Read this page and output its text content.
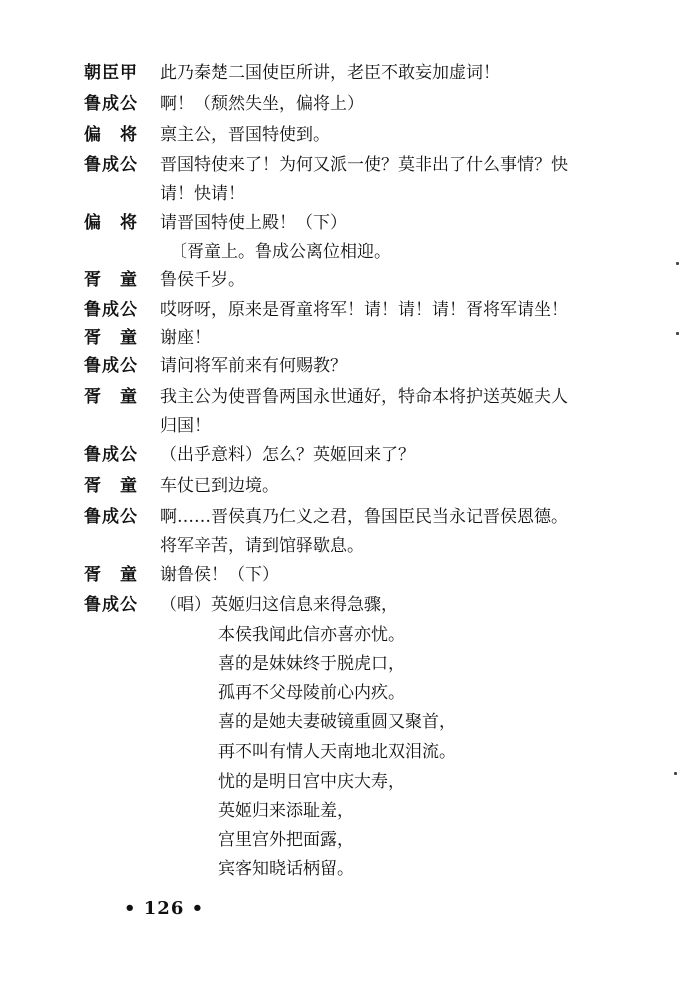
朝臣甲 此乃秦楚二国使臣所讲，老臣不敢妄加虚词！
鲁成公 啊！（颓然失坐，偏将上）
偏　将 禀主公，晋国特使到。
鲁成公 晋国特使来了！为何又派一使？莫非出了什么事情？快
请！快请！
偏　将 请晋国特使上殿！（下）
〔胥童上。鲁成公离位相迎。
胥　童 鲁侯千岁。
鲁成公 哎呀呀，原来是胥童将军！请！请！请！胥将军请坐！
胥　童 谢座！
鲁成公 请问将军前来有何赐教？
胥　童 我主公为使晋鲁两国永世通好，特命本将护送英姬夫人
归国！
鲁成公 （出乎意料）怎么？英姬回来了？
胥　童 车仗已到边境。
鲁成公 啊……晋侯真乃仁义之君，鲁国臣民当永记晋侯恩德。
将军辛苦，请到馆驿歇息。
胥　童 谢鲁侯！（下）
鲁成公 （唱）英姬归这信息来得急骤，
本侯我闻此信亦喜亦忧。
喜的是妹妹终于脱虎口，
孤再不父母陵前心内疚。
喜的是她夫妻破镜重圆又聚首，
再不叫有情人天南地北双泪流。
忧的是明日宫中庆大寿，
英姬归来添耻羞，
宫里宫外把面露，
宾客知晓话柄留。
• 126 •
